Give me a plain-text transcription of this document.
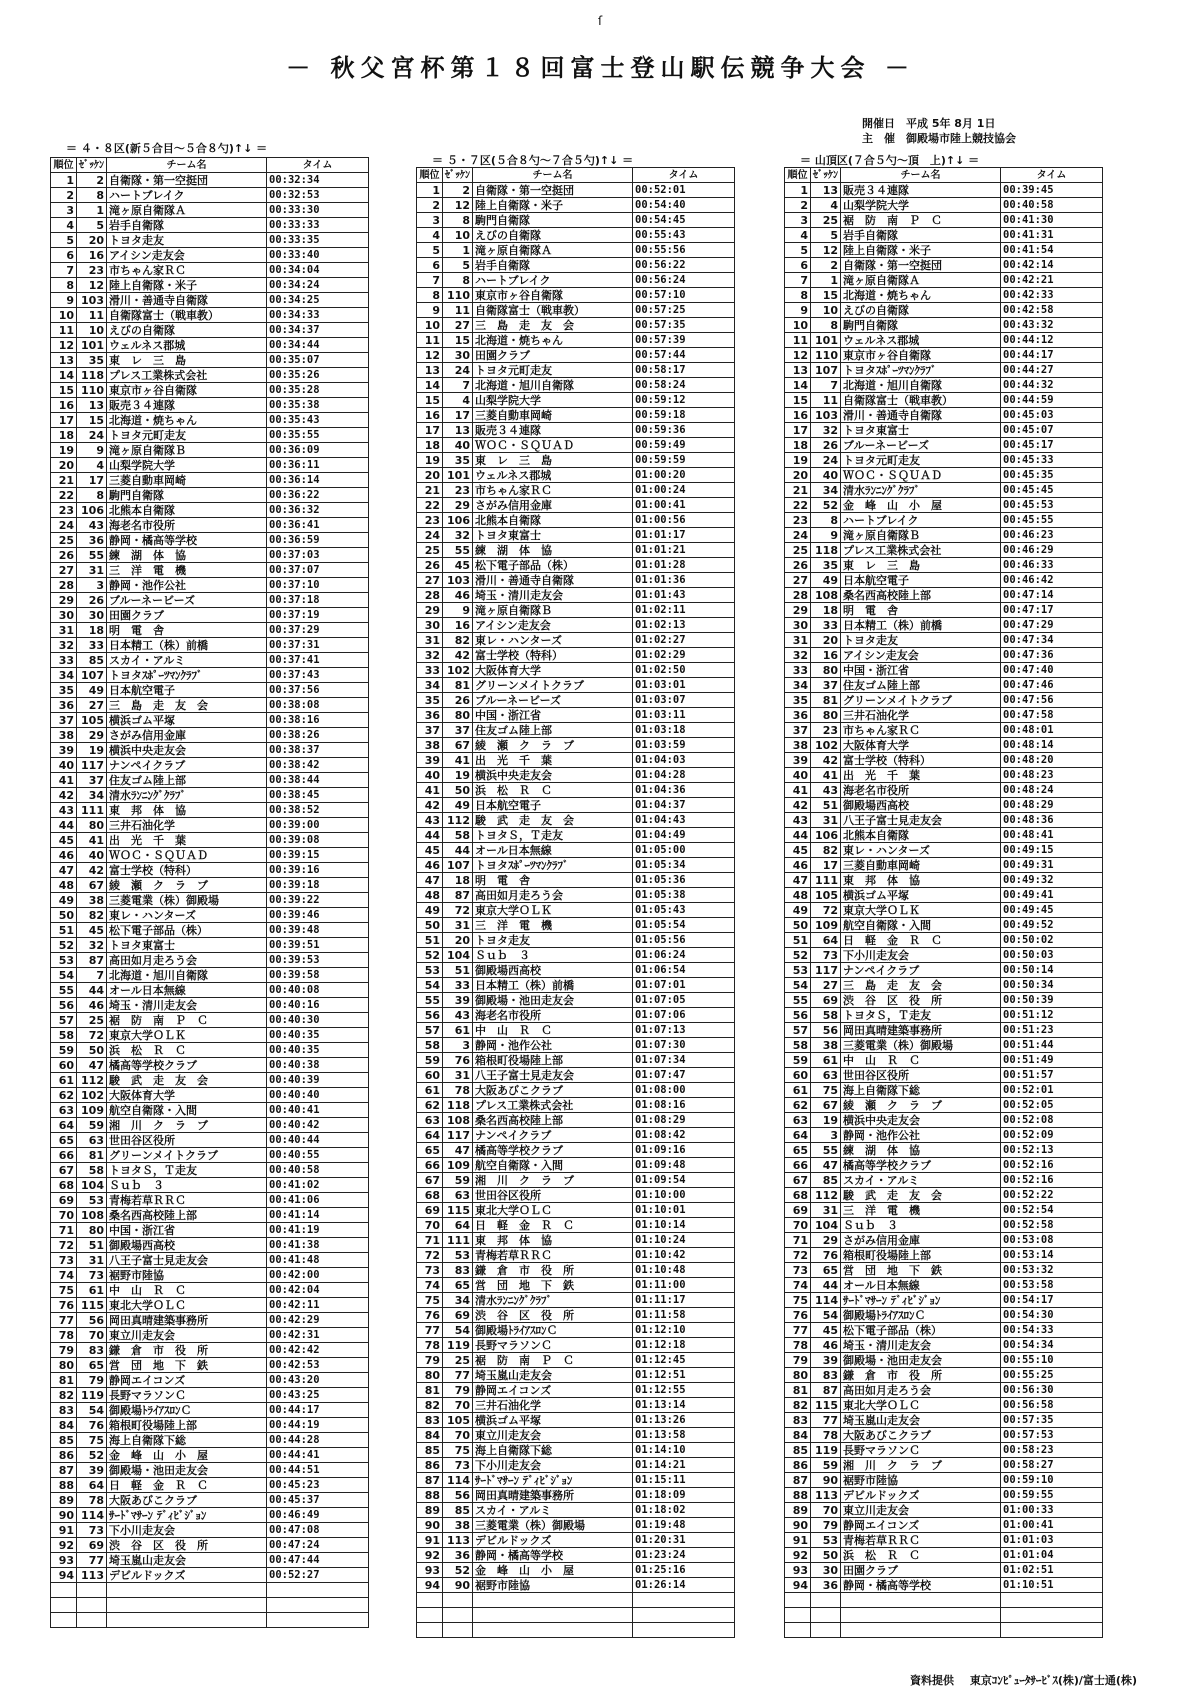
ſ
－ 秋父宮杯第１８回富士登山駅伝競争大会 －
開催日　平成 5年 8月 1日
主　催　御殿場市陸上競技協会
＝ ４・８区(新５合目～５合８勺)↑↓ ＝
＝ ５・７区(５合８勺～７合５勺)↑↓ ＝	＝ 山頂区(７合５勺～頂　上)↑↓ ＝
順位	ｾﾞｯｹﾝ	チーム名	タイム
1	2	自衛隊・第一空挺団	00:32:34
2	8	ハートブレイク	00:32:53
3	1	滝ヶ原自衛隊Ａ	00:33:30
4	5	岩手自衛隊	00:33:33
5	20	トヨタ走友	00:33:35
6	16	アイシン走友会	00:33:40
7	23	市ちゃん家ＲＣ	00:34:04
8	12	陸上自衛隊・米子	00:34:24
9	103	滑川・善通寺自衛隊	00:34:25
10	11	自衛隊富士（戦車教）	00:34:33
11	10	えびの自衛隊	00:34:37
12	101	ウェルネス郡城	00:34:44
13	35	東　レ　三　島	00:35:07
14	118	プレス工業株式会社	00:35:26
15	110	東京市ヶ谷自衛隊	00:35:28
16	13	販売３４連隊	00:35:38
17	15	北海道・焼ちゃん	00:35:43
18	24	トヨタ元町走友	00:35:55
19	9	滝ヶ原自衛隊Ｂ	00:36:09
20	4	山梨学院大学	00:36:11
21	17	三菱自動車岡崎	00:36:14
22	8	駒門自衛隊	00:36:22
23	106	北熊本自衛隊	00:36:32
24	43	海老名市役所	00:36:41
25	36	静岡・橘高等学校	00:36:59
26	55	練　湖　体　協	00:37:03
27	31	三　洋　電　機	00:37:07
28	3	静岡・池作公社	00:37:10
29	26	ブルーネービーズ	00:37:18
30	30	田園クラブ	00:37:19
31	18	明　電　舎	00:37:29
32	33	日本精工（株）前橋	00:37:31
33	85	スカイ・アルミ	00:37:41
34	107	トヨタｽﾎﾟｰﾂﾏﾝｸﾗﾌﾞ	00:37:43
35	49	日本航空電子	00:37:56
36	27	三　島　走　友　会	00:38:08
37	105	横浜ゴム平塚	00:38:16
38	29	さがみ信用金庫	00:38:26
39	19	横浜中央走友会	00:38:37
40	117	ナンペイクラブ	00:38:42
41	37	住友ゴム陸上部	00:38:44
42	34	清水ﾗﾝﾆﾝｸﾞｸﾗﾌﾞ	00:38:45
43	111	東　邦　体　協	00:38:52
44	80	三井石油化学	00:39:00
45	41	出　光　千　葉	00:39:08
46	40	ＷＯＣ・ＳＱＵＡＤ	00:39:15
47	42	富士学校（特科）	00:39:16
48	67	綾　瀬　ク　ラ　ブ	00:39:18
49	38	三菱電業（株）御殿場	00:39:22
50	82	東レ・ハンターズ	00:39:46
51	45	松下電子部品（株）	00:39:48
52	32	トヨタ東富士	00:39:51
53	87	高田如月走ろう会	00:39:53
54	7	北海道・旭川自衛隊	00:39:58
55	44	オール日本無線	00:40:08
56	46	埼玉・清川走友会	00:40:16
57	25	裾　防　南　Ｐ　Ｃ	00:40:30
58	72	東京大学ＯＬＫ	00:40:35
59	50	浜　松　Ｒ　Ｃ	00:40:35
60	47	橘高等学校クラブ	00:40:38
61	112	駿　武　走　友　会	00:40:39
62	102	大阪体育大学	00:40:40
63	109	航空自衛隊・入間	00:40:41
64	59	湘　川　ク　ラ　ブ	00:40:42
65	63	世田谷区役所	00:40:44
66	81	グリーンメイトクラブ	00:40:55
67	58	トヨタＳ，Ｔ走友	00:40:58
68	104	Ｓｕｂ　３	00:41:02
69	53	青梅若草ＲＲＣ	00:41:06
70	108	桑名西高校陸上部	00:41:14
71	80	中国・浙江省	00:41:19
72	51	御殿場西高校	00:41:38
73	31	八王子富士見走友会	00:41:48
74	73	裾野市陸協	00:42:00
75	61	中　山　Ｒ　Ｃ	00:42:04
76	115	東北大学ＯＬＣ	00:42:11
77	56	岡田真晴建築事務所	00:42:29
78	70	東立川走友会	00:42:31
79	83	鎌　倉　市　役　所	00:42:42
80	65	営　団　地　下　鉄	00:42:53
81	79	静岡エイコンズ	00:43:20
82	119	長野マラソンＣ	00:43:25
83	54	御殿場ﾄﾗｲｱｽﾛﾝＣ	00:44:17
84	76	箱根町役場陸上部	00:44:19
85	75	海上自衛隊下総	00:44:28
86	52	金　峰　山　小　屋	00:44:41
87	39	御殿場・池田走友会	00:44:51
88	64	日　軽　金　Ｒ　Ｃ	00:45:23
89	78	大阪あびこクラブ	00:45:37
90	114	ｻｰﾄﾞﾏｻｰﾝ ﾃﾞｨﾋﾞｼﾞｮﾝ	00:46:49
91	73	下小川走友会	00:47:08
92	69	渋　谷　区　役　所	00:47:24
93	77	埼玉嵐山走友会	00:47:44
94	113	デビルドックズ	00:52:27

順位	ｾﾞｯｹﾝ	チーム名	タイム
1	2	自衛隊・第一空挺団	00:52:01
2	12	陸上自衛隊・米子	00:54:40
3	8	駒門自衛隊	00:54:45
4	10	えびの自衛隊	00:55:43
5	1	滝ヶ原自衛隊Ａ	00:55:56
6	5	岩手自衛隊	00:56:22
7	8	ハートブレイク	00:56:24
8	110	東京市ヶ谷自衛隊	00:57:10
9	11	自衛隊富士（戦車教）	00:57:25
10	27	三　島　走　友　会	00:57:35
11	15	北海道・焼ちゃん	00:57:39
12	30	田園クラブ	00:57:44
13	24	トヨタ元町走友	00:58:17
14	7	北海道・旭川自衛隊	00:58:24
15	4	山梨学院大学	00:59:12
16	17	三菱自動車岡崎	00:59:18
17	13	販売３４連隊	00:59:36
18	40	ＷＯＣ・ＳＱＵＡＤ	00:59:49
19	35	東　レ　三　島	00:59:59
20	101	ウェルネス郡城	01:00:20
21	23	市ちゃん家ＲＣ	01:00:24
22	29	さがみ信用金庫	01:00:41
23	106	北熊本自衛隊	01:00:56
24	32	トヨタ東富士	01:01:17
25	55	練　湖　体　協	01:01:21
26	45	松下電子部品（株）	01:01:28
27	103	滑川・善通寺自衛隊	01:01:36
28	46	埼玉・清川走友会	01:01:43
29	9	滝ヶ原自衛隊Ｂ	01:02:11
30	16	アイシン走友会	01:02:13
31	82	東レ・ハンターズ	01:02:27
32	42	富士学校（特科）	01:02:29
33	102	大阪体育大学	01:02:50
34	81	グリーンメイトクラブ	01:03:01
35	26	ブルーネービーズ	01:03:07
36	80	中国・浙江省	01:03:11
37	37	住友ゴム陸上部	01:03:18
38	67	綾　瀬　ク　ラ　ブ	01:03:59
39	41	出　光　千　葉	01:04:03
40	19	横浜中央走友会	01:04:28
41	50	浜　松　Ｒ　Ｃ	01:04:36
42	49	日本航空電子	01:04:37
43	112	駿　武　走　友　会	01:04:43
44	58	トヨタＳ，Ｔ走友	01:04:49
45	44	オール日本無線	01:05:00
46	107	トヨタｽﾎﾟｰﾂﾏﾝｸﾗﾌﾞ	01:05:34
47	18	明　電　舎	01:05:36
48	87	高田如月走ろう会	01:05:38
49	72	東京大学ＯＬＫ	01:05:43
50	31	三　洋　電　機	01:05:54
51	20	トヨタ走友	01:05:56
52	104	Ｓｕｂ　３	01:06:24
53	51	御殿場西高校	01:06:54
54	33	日本精工（株）前橋	01:07:01
55	39	御殿場・池田走友会	01:07:05
56	43	海老名市役所	01:07:06
57	61	中　山　Ｒ　Ｃ	01:07:13
58	3	静岡・池作公社	01:07:30
59	76	箱根町役場陸上部	01:07:34
60	31	八王子富士見走友会	01:07:47
61	78	大阪あびこクラブ	01:08:00
62	118	プレス工業株式会社	01:08:16
63	108	桑名西高校陸上部	01:08:29
64	117	ナンペイクラブ	01:08:42
65	47	橘高等学校クラブ	01:09:16
66	109	航空自衛隊・入間	01:09:48
67	59	湘　川　ク　ラ　ブ	01:09:54
68	63	世田谷区役所	01:10:00
69	115	東北大学ＯＬＣ	01:10:01
70	64	日　軽　金　Ｒ　Ｃ	01:10:14
71	111	東　邦　体　協	01:10:24
72	53	青梅若草ＲＲＣ	01:10:42
73	83	鎌　倉　市　役　所	01:10:48
74	65	営　団　地　下　鉄	01:11:00
75	34	清水ﾗﾝﾆﾝｸﾞｸﾗﾌﾞ	01:11:17
76	69	渋　谷　区　役　所	01:11:58
77	54	御殿場ﾄﾗｲｱｽﾛﾝＣ	01:12:10
78	119	長野マラソンＣ	01:12:18
79	25	裾　防　南　Ｐ　Ｃ	01:12:45
80	77	埼玉嵐山走友会	01:12:51
81	79	静岡エイコンズ	01:12:55
82	70	三井石油化学	01:13:14
83	105	横浜ゴム平塚	01:13:26
84	70	東立川走友会	01:13:58
85	75	海上自衛隊下総	01:14:10
86	73	下小川走友会	01:14:21
87	114	ｻｰﾄﾞﾏｻｰﾝ ﾃﾞｨﾋﾞｼﾞｮﾝ	01:15:11
88	56	岡田真晴建築事務所	01:18:09
89	85	スカイ・アルミ	01:18:02
90	38	三菱電業（株）御殿場	01:19:48
91	113	デビルドックズ	01:20:31
92	36	静岡・橘高等学校	01:23:24
93	52	金　峰　山　小　屋	01:25:16
94	90	裾野市陸協	01:26:14

順位	ｾﾞｯｹﾝ	チーム名	タイム
1	13	販売３４連隊	00:39:45
2	4	山梨学院大学	00:40:58
3	25	裾　防　南　Ｐ　Ｃ	00:41:30
4	5	岩手自衛隊	00:41:31
5	12	陸上自衛隊・米子	00:41:54
6	2	自衛隊・第一空挺団	00:42:14
7	1	滝ヶ原自衛隊Ａ	00:42:21
8	15	北海道・焼ちゃん	00:42:33
9	10	えびの自衛隊	00:42:58
10	8	駒門自衛隊	00:43:32
11	101	ウェルネス郡城	00:44:12
12	110	東京市ヶ谷自衛隊	00:44:17
13	107	トヨタｽﾎﾟｰﾂﾏﾝｸﾗﾌﾞ	00:44:27
14	7	北海道・旭川自衛隊	00:44:32
15	11	自衛隊富士（戦車教）	00:44:59
16	103	滑川・善通寺自衛隊	00:45:03
17	32	トヨタ東富士	00:45:07
18	26	ブルーネービーズ	00:45:17
19	24	トヨタ元町走友	00:45:33
20	40	ＷＯＣ・ＳＱＵＡＤ	00:45:35
21	34	清水ﾗﾝﾆﾝｸﾞｸﾗﾌﾞ	00:45:45
22	52	金　峰　山　小　屋	00:45:53
23	8	ハートブレイク	00:45:55
24	9	滝ヶ原自衛隊Ｂ	00:46:23
25	118	プレス工業株式会社	00:46:29
26	35	東　レ　三　島	00:46:33
27	49	日本航空電子	00:46:42
28	108	桑名西高校陸上部	00:47:14
29	18	明　電　舎	00:47:17
30	33	日本精工（株）前橋	00:47:29
31	20	トヨタ走友	00:47:34
32	16	アイシン走友会	00:47:36
33	80	中国・浙江省	00:47:40
34	37	住友ゴム陸上部	00:47:46
35	81	グリーンメイトクラブ	00:47:56
36	80	三井石油化学	00:47:58
37	23	市ちゃん家ＲＣ	00:48:01
38	102	大阪体育大学	00:48:14
39	42	富士学校（特科）	00:48:20
40	41	出　光　千　葉	00:48:23
41	43	海老名市役所	00:48:24
42	51	御殿場西高校	00:48:29
43	31	八王子富士見走友会	00:48:36
44	106	北熊本自衛隊	00:48:41
45	82	東レ・ハンターズ	00:49:15
46	17	三菱自動車岡崎	00:49:31
47	111	東　邦　体　協	00:49:32
48	105	横浜ゴム平塚	00:49:41
49	72	東京大学ＯＬＫ	00:49:45
50	109	航空自衛隊・入間	00:49:52
51	64	日　軽　金　Ｒ　Ｃ	00:50:02
52	73	下小川走友会	00:50:03
53	117	ナンペイクラブ	00:50:14
54	27	三　島　走　友　会	00:50:34
55	69	渋　谷　区　役　所	00:50:39
56	58	トヨタＳ，Ｔ走友	00:51:12
57	56	岡田真晴建築事務所	00:51:23
58	38	三菱電業（株）御殿場	00:51:44
59	61	中　山　Ｒ　Ｃ	00:51:49
60	63	世田谷区役所	00:51:57
61	75	海上自衛隊下総	00:52:01
62	67	綾　瀬　ク　ラ　ブ	00:52:05
63	19	横浜中央走友会	00:52:08
64	3	静岡・池作公社	00:52:09
65	55	練　湖　体　協	00:52:13
66	47	橘高等学校クラブ	00:52:16
67	85	スカイ・アルミ	00:52:16
68	112	駿　武　走　友　会	00:52:22
69	31	三　洋　電　機	00:52:54
70	104	Ｓｕｂ　３	00:52:58
71	29	さがみ信用金庫	00:53:08
72	76	箱根町役場陸上部	00:53:14
73	65	営　団　地　下　鉄	00:53:32
74	44	オール日本無線	00:53:58
75	114	ｻｰﾄﾞﾏｻｰﾝ ﾃﾞｨﾋﾞｼﾞｮﾝ	00:54:17
76	54	御殿場ﾄﾗｲｱｽﾛﾝＣ	00:54:30
77	45	松下電子部品（株）	00:54:33
78	46	埼玉・清川走友会	00:54:34
79	39	御殿場・池田走友会	00:55:10
80	83	鎌　倉　市　役　所	00:55:25
81	87	高田如月走ろう会	00:56:30
82	115	東北大学ＯＬＣ	00:56:58
83	77	埼玉嵐山走友会	00:57:35
84	78	大阪あびこクラブ	00:57:53
85	119	長野マラソンＣ	00:58:23
86	59	湘　川　ク　ラ　ブ	00:58:27
87	90	裾野市陸協	00:59:10
88	113	デビルドックズ	00:59:55
89	70	東立川走友会	01:00:33
90	79	静岡エイコンズ	01:00:41
91	53	青梅若草ＲＲＣ	01:01:03
92	50	浜　松　Ｒ　Ｃ	01:01:04
93	30	田園クラブ	01:02:51
94	36	静岡・橘高等学校	01:10:51

資料提供 東京ｺﾝﾋﾟｭｰﾀｻｰﾋﾞｽ(株)/富士通(株)
